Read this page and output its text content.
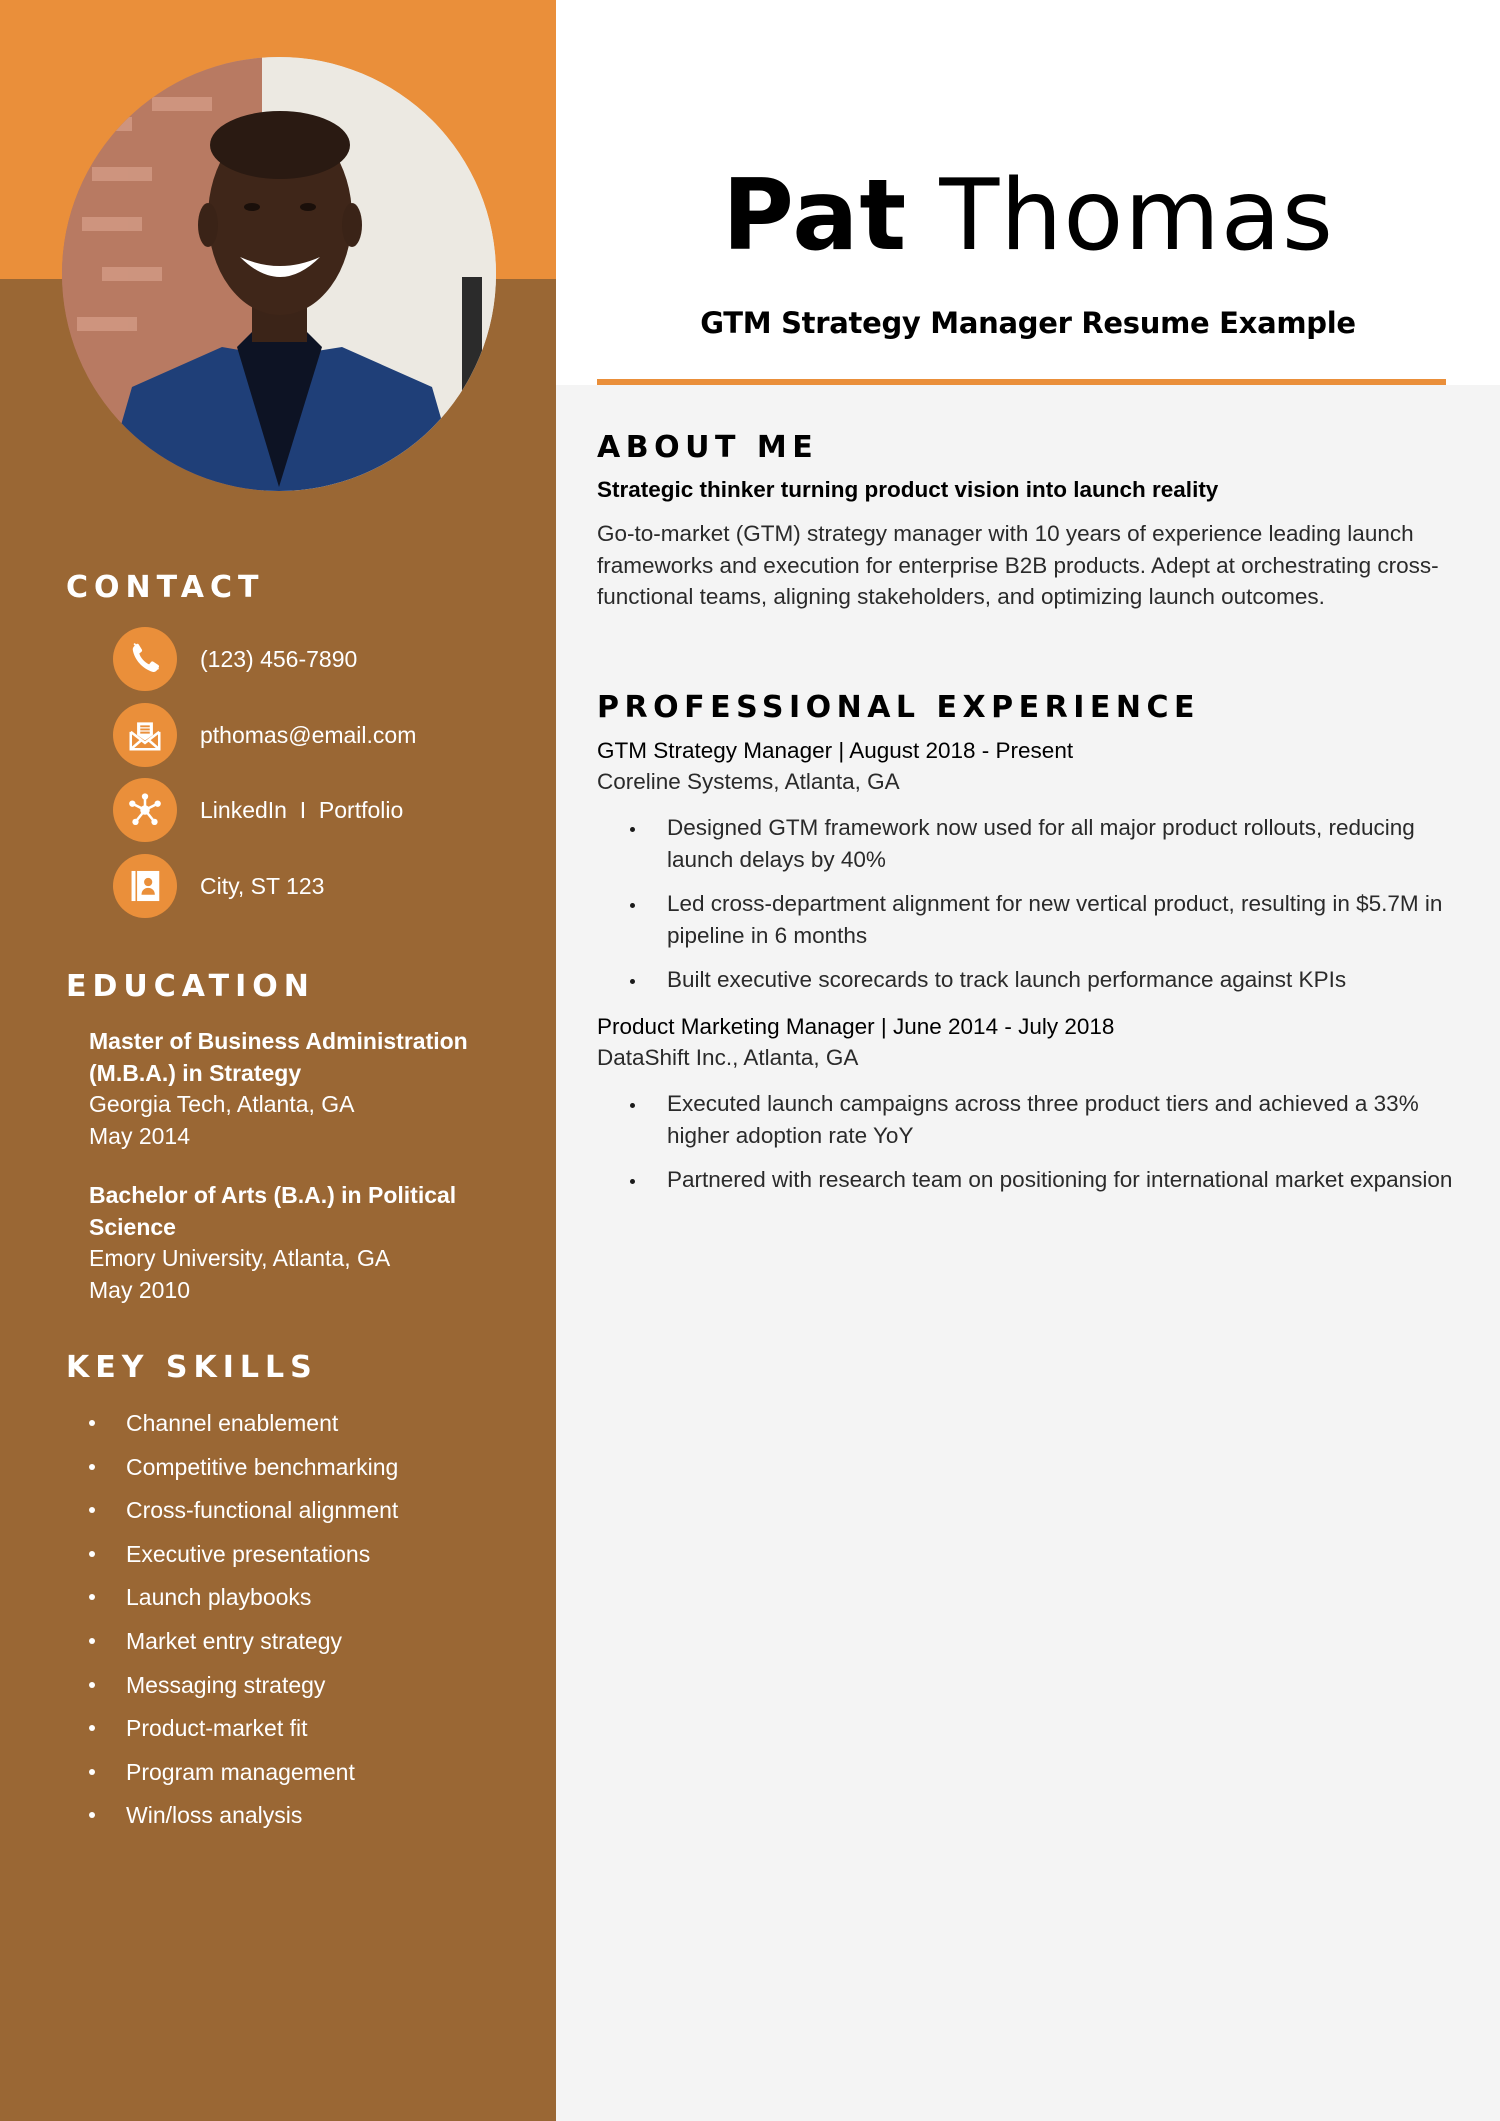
CONTACT
(123) 456-7890
pthomas@email.com
LinkedIn  I  Portfolio
City, ST 123
EDUCATION
Master of Business Administration (M.B.A.) in Strategy
Georgia Tech, Atlanta, GA
May 2014
Bachelor of Arts (B.A.) in Political Science
Emory University, Atlanta, GA
May 2010
KEY SKILLS
Channel enablement
Competitive benchmarking
Cross-functional alignment
Executive presentations
Launch playbooks
Market entry strategy
Messaging strategy
Product-market fit
Program management
Win/loss analysis
Pat Thomas
GTM Strategy Manager Resume Example
ABOUT ME
Strategic thinker turning product vision into launch reality
Go-to-market (GTM) strategy manager with 10 years of experience leading launch frameworks and execution for enterprise B2B products. Adept at orchestrating cross-functional teams, aligning stakeholders, and optimizing launch outcomes.
PROFESSIONAL EXPERIENCE
GTM Strategy Manager | August 2018 - Present
Coreline Systems, Atlanta, GA
Designed GTM framework now used for all major product rollouts, reducing launch delays by 40%
Led cross-department alignment for new vertical product, resulting in $5.7M in pipeline in 6 months
Built executive scorecards to track launch performance against KPIs
Product Marketing Manager | June 2014 - July 2018
DataShift Inc., Atlanta, GA
Executed launch campaigns across three product tiers and achieved a 33% higher adoption rate YoY
Partnered with research team on positioning for international market expansion
